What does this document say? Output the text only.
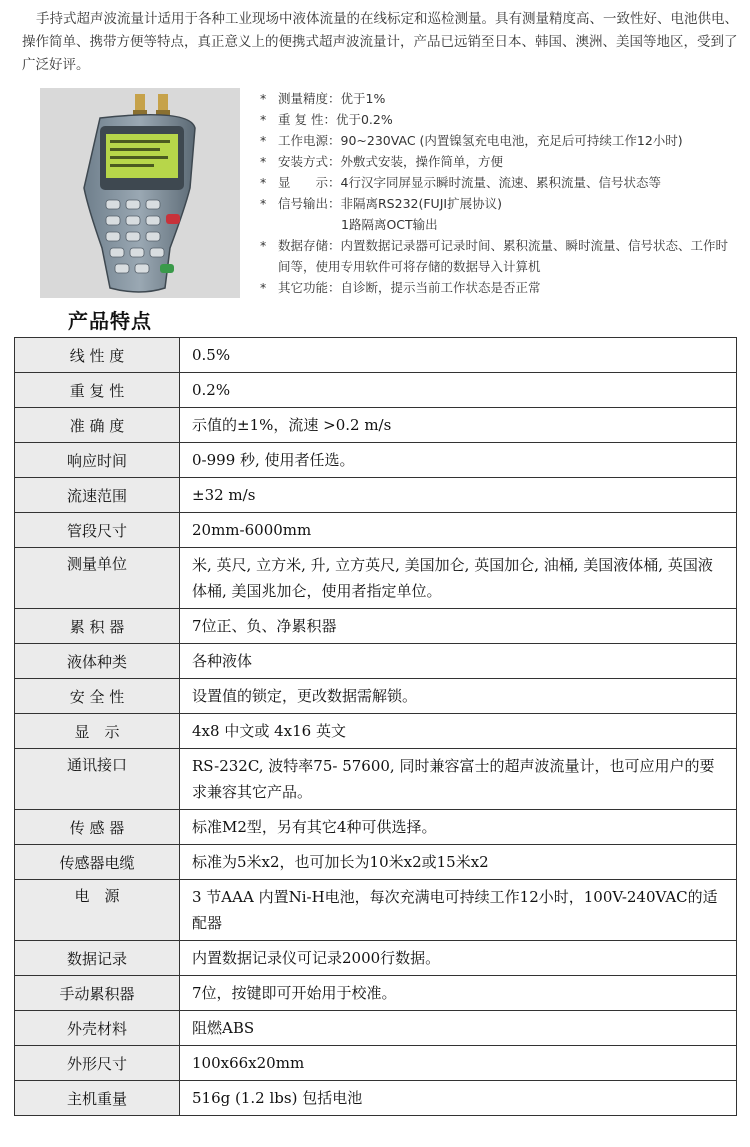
手持式超声波流量计适用于各种工业现场中液体流量的在线标定和巡检测量。具有测量精度高、一致性好、电池供电、操作简单、携带方便等特点，真正意义上的便携式超声波流量计，产品已远销至日本、韩国、澳洲、美国等地区，受到了广泛好评。

* 测量精度：优于1%
* 重 复 性：优于0.2%
* 工作电源：90~230VAC (内置镍氢充电电池，充足后可持续工作12小时)
* 安装方式：外敷式安装，操作简单，方便
* 显　　示：4行汉字同屏显示瞬时流量、流速、累积流量、信号状态等
* 信号输出：非隔离RS232(FUJI扩展协议)
1路隔离OCT输出
* 数据存储：内置数据记录器可记录时间、累积流量、瞬时流量、信号状态、工作时间等，使用专用软件可将存储的数据导入计算机
* 其它功能：自诊断，提示当前工作状态是否正常
产品特点
线 性 度	0.5%
重 复 性	0.2%
准 确 度	示值的±1%，流速 >0.2 m/s
响应时间	0-999 秒, 使用者任选。
流速范围	±32 m/s
管段尺寸	20mm-6000mm
测量单位	米, 英尺, 立方米, 升, 立方英尺, 美国加仑, 英国加仑, 油桶, 美国液体桶, 英国液体桶, 美国兆加仑，使用者指定单位。
累 积 器	7位正、负、净累积器
液体种类	各种液体
安 全 性	设置值的锁定，更改数据需解锁。
显　示	4x8 中文或 4x16 英文
通讯接口	RS-232C, 波特率75- 57600, 同时兼容富士的超声波流量计，也可应用户的要求兼容其它产品。
传 感 器	标准M2型，另有其它4种可供选择。
传感器电缆	标准为5米x2，也可加长为10米x2或15米x2
电　源	3 节AAA 内置Ni-H电池，每次充满电可持续工作12小时，100V-240VAC的适配器
数据记录	内置数据记录仪可记录2000行数据。
手动累积器	7位，按键即可开始用于校准。
外壳材料	阻燃ABS
外形尺寸	100x66x20mm
主机重量	516g (1.2 lbs) 包括电池
